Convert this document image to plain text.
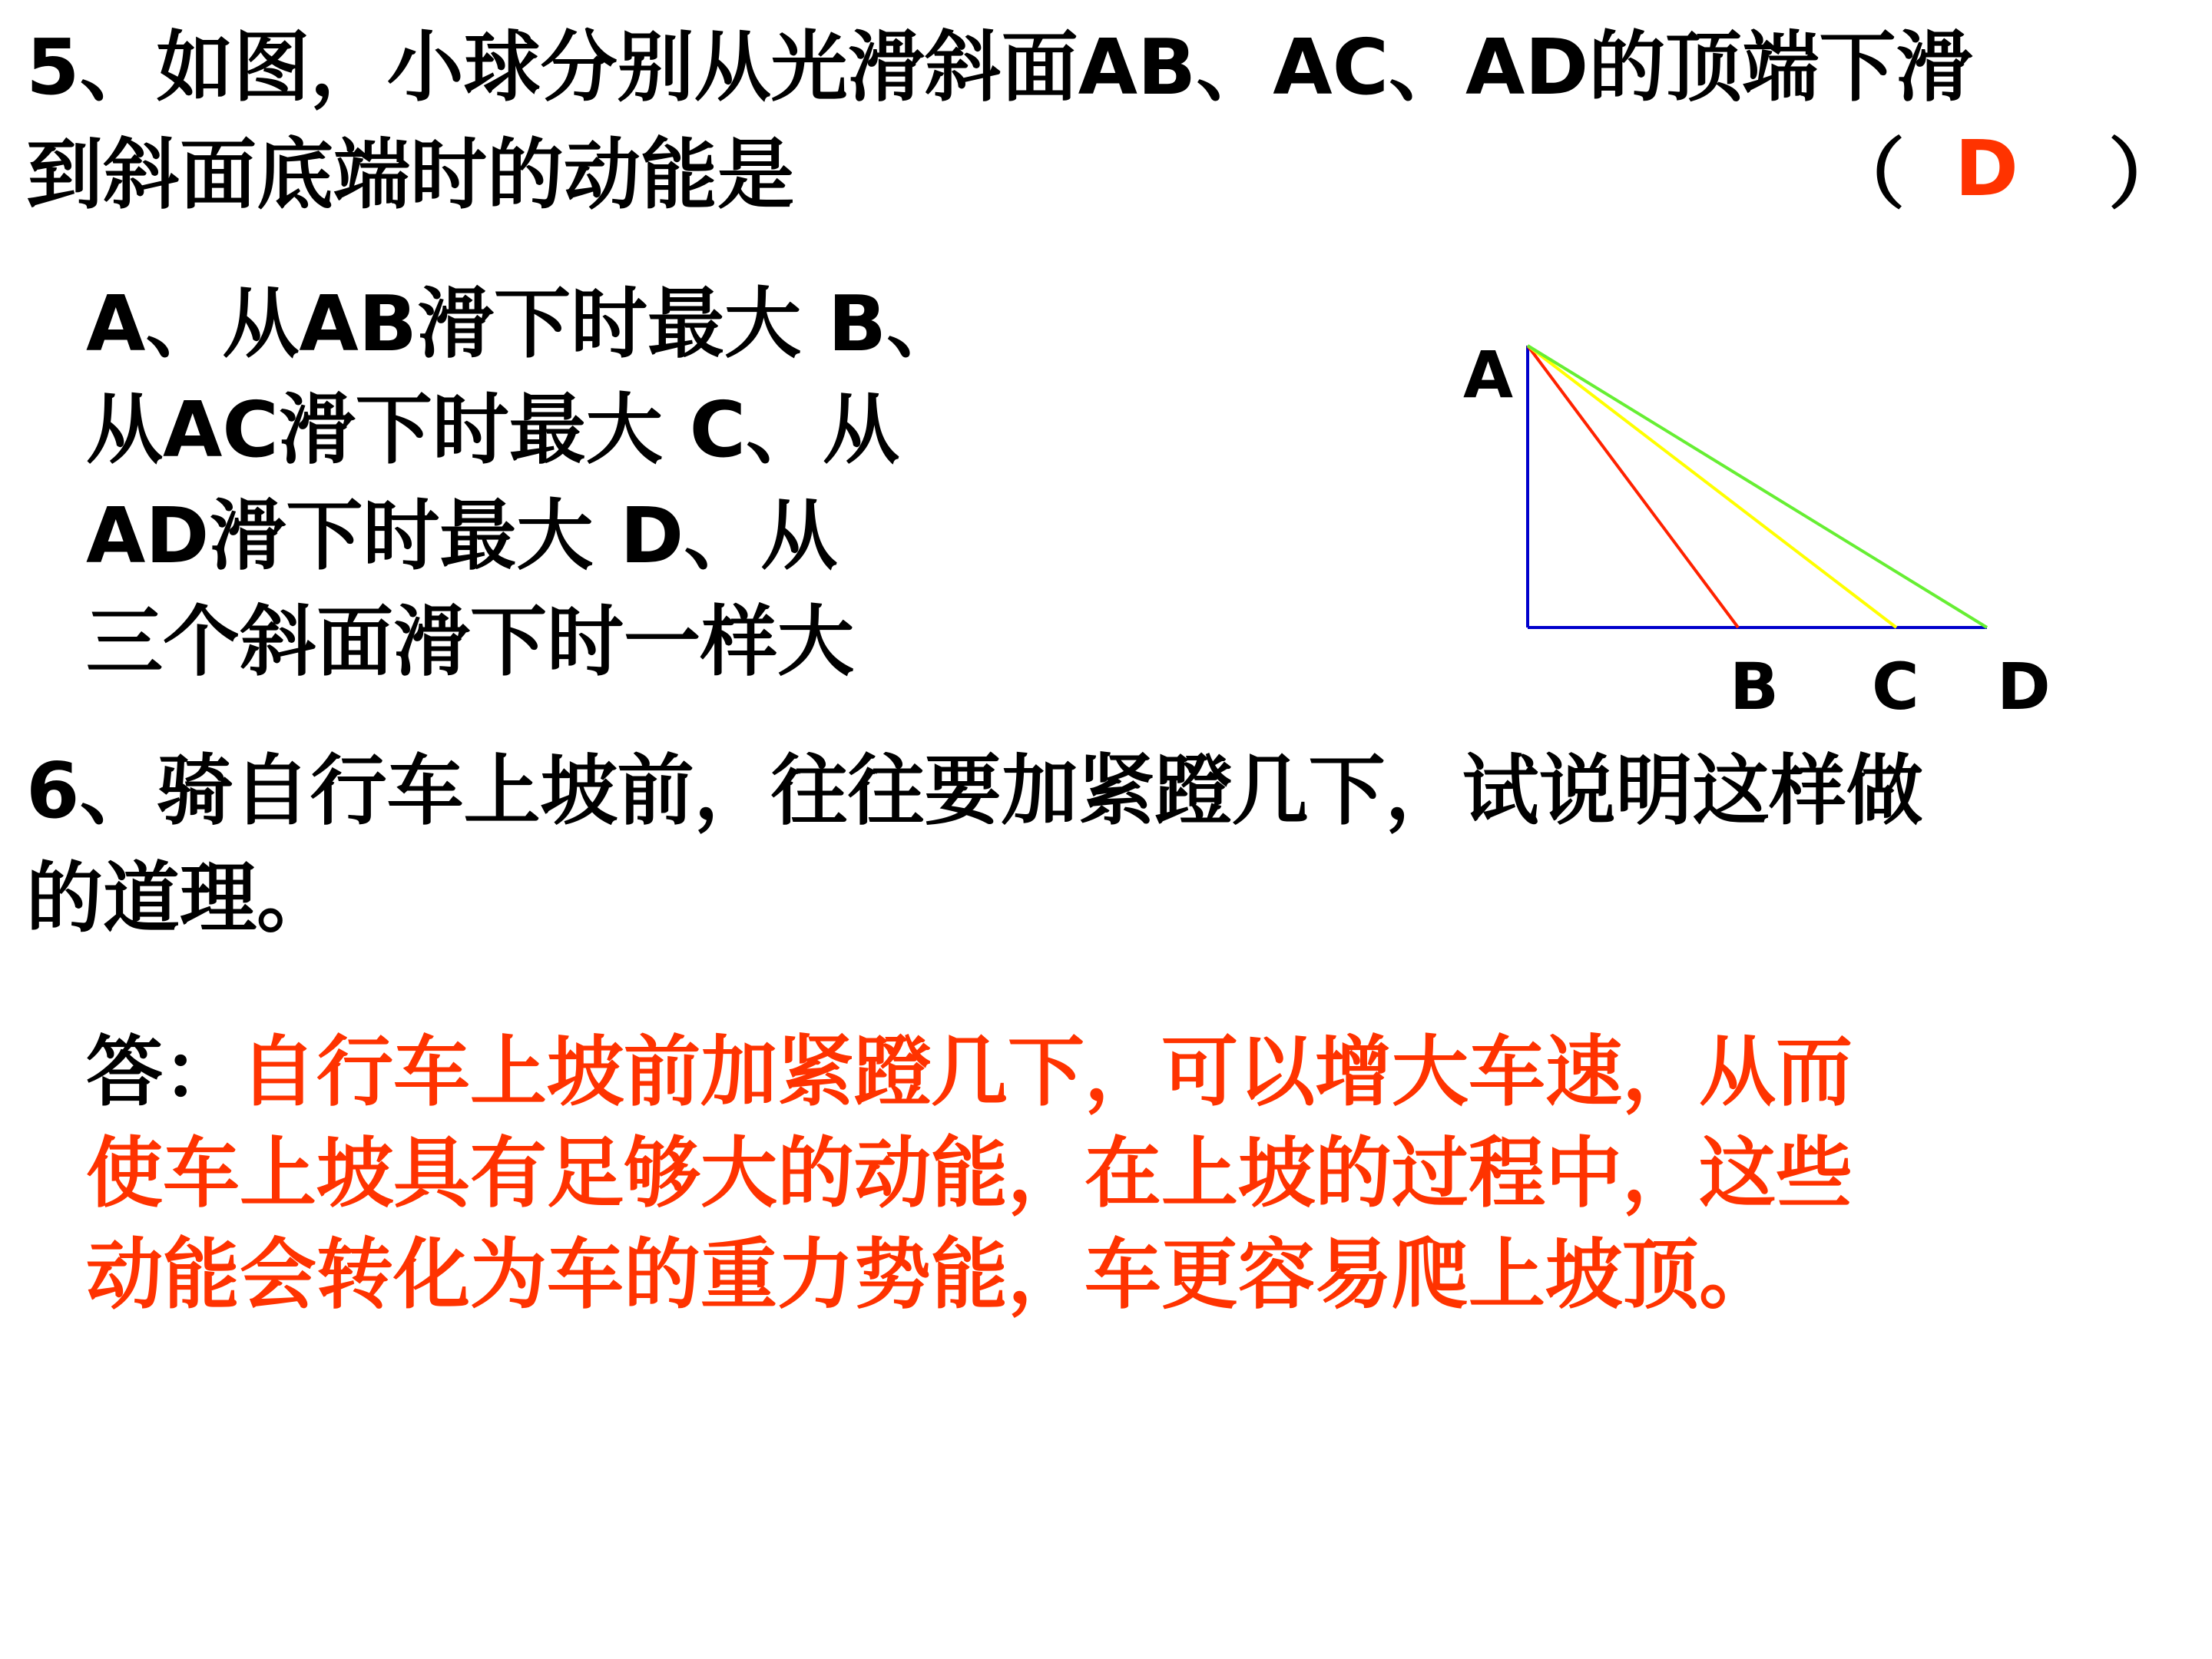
5、如图，小球分别从光滑斜面AB、AC、AD的顶端下滑

到斜面底端时的动能是	（ D ）

A、从AB滑下时最大 B、

从AC滑下时最大 C、从

AD滑下时最大 D、从

三个斜面滑下时一样大

A
B C D

6、骑自行车上坡前，往往要加紧蹬几下，试说明这样做

的道理。

答：自行车上坡前加紧蹬几下，可以增大车速，从而

使车上坡具有足够大的动能，在上坡的过程中，这些

动能会转化为车的重力势能，车更容易爬上坡顶。
